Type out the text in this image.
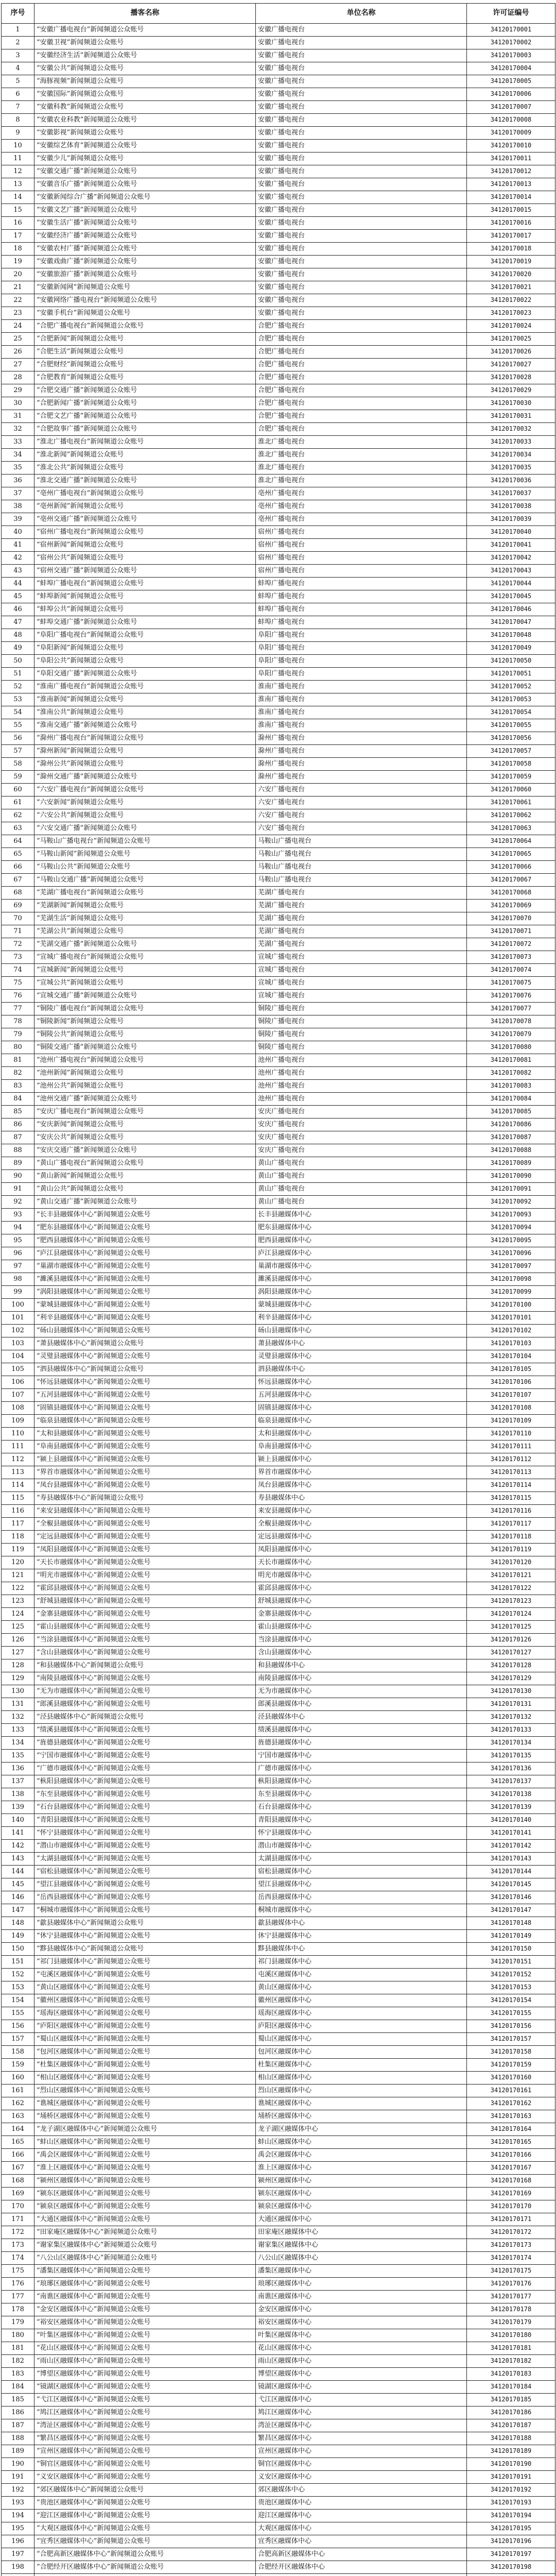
序号	播客名称	单位名称	许可证编号
1	“安徽广播电视台”新闻频道公众账号	安徽广播电视台	34120170001
2	“安徽卫视”新闻频道公众账号	安徽广播电视台	34120170002
3	“安徽经济生活”新闻频道公众账号	安徽广播电视台	34120170003
4	“安徽公共”新闻频道公众账号	安徽广播电视台	34120170004
5	“海豚视频”新闻频道公众账号	安徽广播电视台	34120170005
6	“安徽国际”新闻频道公众账号	安徽广播电视台	34120170006
7	“安徽科教”新闻频道公众账号	安徽广播电视台	34120170007
8	“安徽农业科教”新闻频道公众账号	安徽广播电视台	34120170008
9	“安徽影视”新闻频道公众账号	安徽广播电视台	34120170009
10	“安徽综艺体育”新闻频道公众账号	安徽广播电视台	34120170010
11	“安徽少儿”新闻频道公众账号	安徽广播电视台	34120170011
12	“安徽交通广播”新闻频道公众账号	安徽广播电视台	34120170012
13	“安徽音乐广播”新闻频道公众账号	安徽广播电视台	34120170013
14	“安徽新闻综合广播”新闻频道公众账号	安徽广播电视台	34120170014
15	“安徽文艺广播”新闻频道公众账号	安徽广播电视台	34120170015
16	“安徽生活广播”新闻频道公众账号	安徽广播电视台	34120170016
17	“安徽经济广播”新闻频道公众账号	安徽广播电视台	34120170017
18	“安徽农村广播”新闻频道公众账号	安徽广播电视台	34120170018
19	“安徽戏曲广播”新闻频道公众账号	安徽广播电视台	34120170019
20	“安徽旅游广播”新闻频道公众账号	安徽广播电视台	34120170020
21	“安徽新闻网”新闻频道公众账号	安徽广播电视台	34120170021
22	“安徽网络广播电视台”新闻频道公众账号	安徽广播电视台	34120170022
23	“安徽手机台”新闻频道公众账号	安徽广播电视台	34120170023
24	“合肥广播电视台”新闻频道公众账号	合肥广播电视台	34120170024
25	“合肥新闻”新闻频道公众账号	合肥广播电视台	34120170025
26	“合肥生活”新闻频道公众账号	合肥广播电视台	34120170026
27	“合肥财经”新闻频道公众账号	合肥广播电视台	34120170027
28	“合肥教育”新闻频道公众账号	合肥广播电视台	34120170028
29	“合肥交通广播”新闻频道公众账号	合肥广播电视台	34120170029
30	“合肥新闻广播”新闻频道公众账号	合肥广播电视台	34120170030
31	“合肥文艺广播”新闻频道公众账号	合肥广播电视台	34120170031
32	“合肥故事广播”新闻频道公众账号	合肥广播电视台	34120170032
33	“淮北广播电视台”新闻频道公众账号	淮北广播电视台	34120170033
34	“淮北新闻”新闻频道公众账号	淮北广播电视台	34120170034
35	“淮北公共”新闻频道公众账号	淮北广播电视台	34120170035
36	“淮北交通广播”新闻频道公众账号	淮北广播电视台	34120170036
37	“亳州广播电视台”新闻频道公众账号	亳州广播电视台	34120170037
38	“亳州新闻”新闻频道公众账号	亳州广播电视台	34120170038
39	“亳州交通广播”新闻频道公众账号	亳州广播电视台	34120170039
40	“宿州广播电视台”新闻频道公众账号	宿州广播电视台	34120170040
41	“宿州新闻”新闻频道公众账号	宿州广播电视台	34120170041
42	“宿州公共”新闻频道公众账号	宿州广播电视台	34120170042
43	“宿州交通广播”新闻频道公众账号	宿州广播电视台	34120170043
44	“蚌埠广播电视台”新闻频道公众账号	蚌埠广播电视台	34120170044
45	“蚌埠新闻”新闻频道公众账号	蚌埠广播电视台	34120170045
46	“蚌埠公共”新闻频道公众账号	蚌埠广播电视台	34120170046
47	“蚌埠交通广播”新闻频道公众账号	蚌埠广播电视台	34120170047
48	“阜阳广播电视台”新闻频道公众账号	阜阳广播电视台	34120170048
49	“阜阳新闻”新闻频道公众账号	阜阳广播电视台	34120170049
50	“阜阳公共”新闻频道公众账号	阜阳广播电视台	34120170050
51	“阜阳交通广播”新闻频道公众账号	阜阳广播电视台	34120170051
52	“淮南广播电视台”新闻频道公众账号	淮南广播电视台	34120170052
53	“淮南新闻”新闻频道公众账号	淮南广播电视台	34120170053
54	“淮南公共”新闻频道公众账号	淮南广播电视台	34120170054
55	“淮南交通广播”新闻频道公众账号	淮南广播电视台	34120170055
56	“滁州广播电视台”新闻频道公众账号	滁州广播电视台	34120170056
57	“滁州新闻”新闻频道公众账号	滁州广播电视台	34120170057
58	“滁州公共”新闻频道公众账号	滁州广播电视台	34120170058
59	“滁州交通广播”新闻频道公众账号	滁州广播电视台	34120170059
60	“六安广播电视台”新闻频道公众账号	六安广播电视台	34120170060
61	“六安新闻”新闻频道公众账号	六安广播电视台	34120170061
62	“六安公共”新闻频道公众账号	六安广播电视台	34120170062
63	“六安交通广播”新闻频道公众账号	六安广播电视台	34120170063
64	“马鞍山广播电视台”新闻频道公众账号	马鞍山广播电视台	34120170064
65	“马鞍山新闻”新闻频道公众账号	马鞍山广播电视台	34120170065
66	“马鞍山公共”新闻频道公众账号	马鞍山广播电视台	34120170066
67	“马鞍山交通广播”新闻频道公众账号	马鞍山广播电视台	34120170067
68	“芜湖广播电视台”新闻频道公众账号	芜湖广播电视台	34120170068
69	“芜湖新闻”新闻频道公众账号	芜湖广播电视台	34120170069
70	“芜湖生活”新闻频道公众账号	芜湖广播电视台	34120170070
71	“芜湖公共”新闻频道公众账号	芜湖广播电视台	34120170071
72	“芜湖交通广播”新闻频道公众账号	芜湖广播电视台	34120170072
73	“宣城广播电视台”新闻频道公众账号	宣城广播电视台	34120170073
74	“宣城新闻”新闻频道公众账号	宣城广播电视台	34120170074
75	“宣城公共”新闻频道公众账号	宣城广播电视台	34120170075
76	“宣城交通广播”新闻频道公众账号	宣城广播电视台	34120170076
77	“铜陵广播电视台”新闻频道公众账号	铜陵广播电视台	34120170077
78	“铜陵新闻”新闻频道公众账号	铜陵广播电视台	34120170078
79	“铜陵公共”新闻频道公众账号	铜陵广播电视台	34120170079
80	“铜陵交通广播”新闻频道公众账号	铜陵广播电视台	34120170080
81	“池州广播电视台”新闻频道公众账号	池州广播电视台	34120170081
82	“池州新闻”新闻频道公众账号	池州广播电视台	34120170082
83	“池州公共”新闻频道公众账号	池州广播电视台	34120170083
84	“池州交通广播”新闻频道公众账号	池州广播电视台	34120170084
85	“安庆广播电视台”新闻频道公众账号	安庆广播电视台	34120170085
86	“安庆新闻”新闻频道公众账号	安庆广播电视台	34120170086
87	“安庆公共”新闻频道公众账号	安庆广播电视台	34120170087
88	“安庆交通广播”新闻频道公众账号	安庆广播电视台	34120170088
89	“黄山广播电视台”新闻频道公众账号	黄山广播电视台	34120170089
90	“黄山新闻”新闻频道公众账号	黄山广播电视台	34120170090
91	“黄山公共”新闻频道公众账号	黄山广播电视台	34120170091
92	“黄山交通广播”新闻频道公众账号	黄山广播电视台	34120170092
93	“长丰县融媒体中心”新闻频道公众账号	长丰县融媒体中心	34120170093
94	“肥东县融媒体中心”新闻频道公众账号	肥东县融媒体中心	34120170094
95	“肥西县融媒体中心”新闻频道公众账号	肥西县融媒体中心	34120170095
96	“庐江县融媒体中心”新闻频道公众账号	庐江县融媒体中心	34120170096
97	“巢湖市融媒体中心”新闻频道公众账号	巢湖市融媒体中心	34120170097
98	“濉溪县融媒体中心”新闻频道公众账号	濉溪县融媒体中心	34120170098
99	“涡阳县融媒体中心”新闻频道公众账号	涡阳县融媒体中心	34120170099
100	“蒙城县融媒体中心”新闻频道公众账号	蒙城县融媒体中心	34120170100
101	“利辛县融媒体中心”新闻频道公众账号	利辛县融媒体中心	34120170101
102	“砀山县融媒体中心”新闻频道公众账号	砀山县融媒体中心	34120170102
103	“萧县融媒体中心”新闻频道公众账号	萧县融媒体中心	34120170103
104	“灵璧县融媒体中心”新闻频道公众账号	灵璧县融媒体中心	34120170104
105	“泗县融媒体中心”新闻频道公众账号	泗县融媒体中心	34120170105
106	“怀远县融媒体中心”新闻频道公众账号	怀远县融媒体中心	34120170106
107	“五河县融媒体中心”新闻频道公众账号	五河县融媒体中心	34120170107
108	“固镇县融媒体中心”新闻频道公众账号	固镇县融媒体中心	34120170108
109	“临泉县融媒体中心”新闻频道公众账号	临泉县融媒体中心	34120170109
110	“太和县融媒体中心”新闻频道公众账号	太和县融媒体中心	34120170110
111	“阜南县融媒体中心”新闻频道公众账号	阜南县融媒体中心	34120170111
112	“颍上县融媒体中心”新闻频道公众账号	颍上县融媒体中心	34120170112
113	“界首市融媒体中心”新闻频道公众账号	界首市融媒体中心	34120170113
114	“凤台县融媒体中心”新闻频道公众账号	凤台县融媒体中心	34120170114
115	“寿县融媒体中心”新闻频道公众账号	寿县融媒体中心	34120170115
116	“来安县融媒体中心”新闻频道公众账号	来安县融媒体中心	34120170116
117	“全椒县融媒体中心”新闻频道公众账号	全椒县融媒体中心	34120170117
118	“定远县融媒体中心”新闻频道公众账号	定远县融媒体中心	34120170118
119	“凤阳县融媒体中心”新闻频道公众账号	凤阳县融媒体中心	34120170119
120	“天长市融媒体中心”新闻频道公众账号	天长市融媒体中心	34120170120
121	“明光市融媒体中心”新闻频道公众账号	明光市融媒体中心	34120170121
122	“霍邱县融媒体中心”新闻频道公众账号	霍邱县融媒体中心	34120170122
123	“舒城县融媒体中心”新闻频道公众账号	舒城县融媒体中心	34120170123
124	“金寨县融媒体中心”新闻频道公众账号	金寨县融媒体中心	34120170124
125	“霍山县融媒体中心”新闻频道公众账号	霍山县融媒体中心	34120170125
126	“当涂县融媒体中心”新闻频道公众账号	当涂县融媒体中心	34120170126
127	“含山县融媒体中心”新闻频道公众账号	含山县融媒体中心	34120170127
128	“和县融媒体中心”新闻频道公众账号	和县融媒体中心	34120170128
129	“南陵县融媒体中心”新闻频道公众账号	南陵县融媒体中心	34120170129
130	“无为市融媒体中心”新闻频道公众账号	无为市融媒体中心	34120170130
131	“郎溪县融媒体中心”新闻频道公众账号	郎溪县融媒体中心	34120170131
132	“泾县融媒体中心”新闻频道公众账号	泾县融媒体中心	34120170132
133	“绩溪县融媒体中心”新闻频道公众账号	绩溪县融媒体中心	34120170133
134	“旌德县融媒体中心”新闻频道公众账号	旌德县融媒体中心	34120170134
135	“宁国市融媒体中心”新闻频道公众账号	宁国市融媒体中心	34120170135
136	“广德市融媒体中心”新闻频道公众账号	广德市融媒体中心	34120170136
137	“枞阳县融媒体中心”新闻频道公众账号	枞阳县融媒体中心	34120170137
138	“东至县融媒体中心”新闻频道公众账号	东至县融媒体中心	34120170138
139	“石台县融媒体中心”新闻频道公众账号	石台县融媒体中心	34120170139
140	“青阳县融媒体中心”新闻频道公众账号	青阳县融媒体中心	34120170140
141	“怀宁县融媒体中心”新闻频道公众账号	怀宁县融媒体中心	34120170141
142	“潜山市融媒体中心”新闻频道公众账号	潜山市融媒体中心	34120170142
143	“太湖县融媒体中心”新闻频道公众账号	太湖县融媒体中心	34120170143
144	“宿松县融媒体中心”新闻频道公众账号	宿松县融媒体中心	34120170144
145	“望江县融媒体中心”新闻频道公众账号	望江县融媒体中心	34120170145
146	“岳西县融媒体中心”新闻频道公众账号	岳西县融媒体中心	34120170146
147	“桐城市融媒体中心”新闻频道公众账号	桐城市融媒体中心	34120170147
148	“歙县融媒体中心”新闻频道公众账号	歙县融媒体中心	34120170148
149	“休宁县融媒体中心”新闻频道公众账号	休宁县融媒体中心	34120170149
150	“黟县融媒体中心”新闻频道公众账号	黟县融媒体中心	34120170150
151	“祁门县融媒体中心”新闻频道公众账号	祁门县融媒体中心	34120170151
152	“屯溪区融媒体中心”新闻频道公众账号	屯溪区融媒体中心	34120170152
153	“黄山区融媒体中心”新闻频道公众账号	黄山区融媒体中心	34120170153
154	“徽州区融媒体中心”新闻频道公众账号	徽州区融媒体中心	34120170154
155	“瑶海区融媒体中心”新闻频道公众账号	瑶海区融媒体中心	34120170155
156	“庐阳区融媒体中心”新闻频道公众账号	庐阳区融媒体中心	34120170156
157	“蜀山区融媒体中心”新闻频道公众账号	蜀山区融媒体中心	34120170157
158	“包河区融媒体中心”新闻频道公众账号	包河区融媒体中心	34120170158
159	“杜集区融媒体中心”新闻频道公众账号	杜集区融媒体中心	34120170159
160	“相山区融媒体中心”新闻频道公众账号	相山区融媒体中心	34120170160
161	“烈山区融媒体中心”新闻频道公众账号	烈山区融媒体中心	34120170161
162	“谯城区融媒体中心”新闻频道公众账号	谯城区融媒体中心	34120170162
163	“埇桥区融媒体中心”新闻频道公众账号	埇桥区融媒体中心	34120170163
164	“龙子湖区融媒体中心”新闻频道公众账号	龙子湖区融媒体中心	34120170164
165	“蚌山区融媒体中心”新闻频道公众账号	蚌山区融媒体中心	34120170165
166	“禹会区融媒体中心”新闻频道公众账号	禹会区融媒体中心	34120170166
167	“淮上区融媒体中心”新闻频道公众账号	淮上区融媒体中心	34120170167
168	“颍州区融媒体中心”新闻频道公众账号	颍州区融媒体中心	34120170168
169	“颍东区融媒体中心”新闻频道公众账号	颍东区融媒体中心	34120170169
170	“颍泉区融媒体中心”新闻频道公众账号	颍泉区融媒体中心	34120170170
171	“大通区融媒体中心”新闻频道公众账号	大通区融媒体中心	34120170171
172	“田家庵区融媒体中心”新闻频道公众账号	田家庵区融媒体中心	34120170172
173	“谢家集区融媒体中心”新闻频道公众账号	谢家集区融媒体中心	34120170173
174	“八公山区融媒体中心”新闻频道公众账号	八公山区融媒体中心	34120170174
175	“潘集区融媒体中心”新闻频道公众账号	潘集区融媒体中心	34120170175
176	“琅琊区融媒体中心”新闻频道公众账号	琅琊区融媒体中心	34120170176
177	“南谯区融媒体中心”新闻频道公众账号	南谯区融媒体中心	34120170177
178	“金安区融媒体中心”新闻频道公众账号	金安区融媒体中心	34120170178
179	“裕安区融媒体中心”新闻频道公众账号	裕安区融媒体中心	34120170179
180	“叶集区融媒体中心”新闻频道公众账号	叶集区融媒体中心	34120170180
181	“花山区融媒体中心”新闻频道公众账号	花山区融媒体中心	34120170181
182	“雨山区融媒体中心”新闻频道公众账号	雨山区融媒体中心	34120170182
183	“博望区融媒体中心”新闻频道公众账号	博望区融媒体中心	34120170183
184	“镜湖区融媒体中心”新闻频道公众账号	镜湖区融媒体中心	34120170184
185	“弋江区融媒体中心”新闻频道公众账号	弋江区融媒体中心	34120170185
186	“鸠江区融媒体中心”新闻频道公众账号	鸠江区融媒体中心	34120170186
187	“湾沚区融媒体中心”新闻频道公众账号	湾沚区融媒体中心	34120170187
188	“繁昌区融媒体中心”新闻频道公众账号	繁昌区融媒体中心	34120170188
189	“宣州区融媒体中心”新闻频道公众账号	宣州区融媒体中心	34120170189
190	“铜官区融媒体中心”新闻频道公众账号	铜官区融媒体中心	34120170190
191	“义安区融媒体中心”新闻频道公众账号	义安区融媒体中心	34120170191
192	“郊区融媒体中心”新闻频道公众账号	郊区融媒体中心	34120170192
193	“贵池区融媒体中心”新闻频道公众账号	贵池区融媒体中心	34120170193
194	“迎江区融媒体中心”新闻频道公众账号	迎江区融媒体中心	34120170194
195	“大观区融媒体中心”新闻频道公众账号	大观区融媒体中心	34120170195
196	“宜秀区融媒体中心”新闻频道公众账号	宜秀区融媒体中心	34120170196
197	“合肥高新区融媒体中心”新闻频道公众账号	合肥高新区融媒体中心	34120170197
198	“合肥经开区融媒体中心”新闻频道公众账号	合肥经开区融媒体中心	34120170198
